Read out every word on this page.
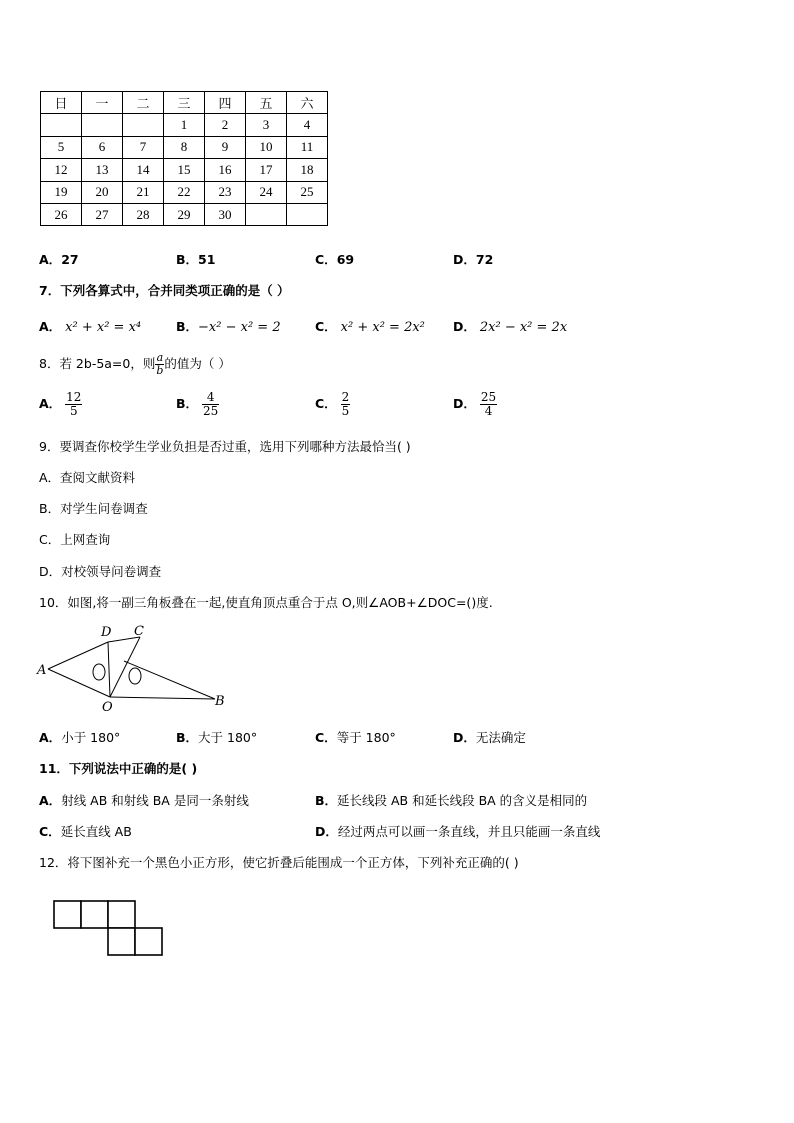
日	一	二	三	四	五	六
			1	2	3	4
5	6	7	8	9	10	11
12	13	14	15	16	17	18
19	20	21	22	23	24	25
26	27	28	29	30		
A．27	B．51	C．69	D．72
7．下列各算式中，合并同类项正确的是（ ）
A． x² + x² = x⁴	B．−x² − x² = 2	C． x² + x² = 2x² D． 2x² − x² = 2x
8．若 2b-5a=0，则 $\frac{a}{b}$ 的值为（ ）
A． $\frac{12}{5}$	B． $\frac{4}{25}$	C． $\frac{2}{5}$	D． $\frac{25}{4}$
9．要调查你校学生学业负担是否过重，选用下列哪种方法最恰当( )
A．查阅文献资料
B．对学生问卷调查
C．上网查询
D．对校领导问卷调查
10．如图,将一副三角板叠在一起,使直角顶点重合于点 O,则∠AOB+∠DOC=()度.
D C
A
O	B
A．小于 180°	B．大于 180°	C．等于 180°	D．无法确定
11．下列说法中正确的是( )
A．射线 AB 和射线 BA 是同一条射线	B．延长线段 AB 和延长线段 BA 的含义是相同的
C．延长直线 AB	D．经过两点可以画一条直线，并且只能画一条直线
12．将下图补充一个黑色小正方形，使它折叠后能围成一个正方体，下列补充正确的( )
